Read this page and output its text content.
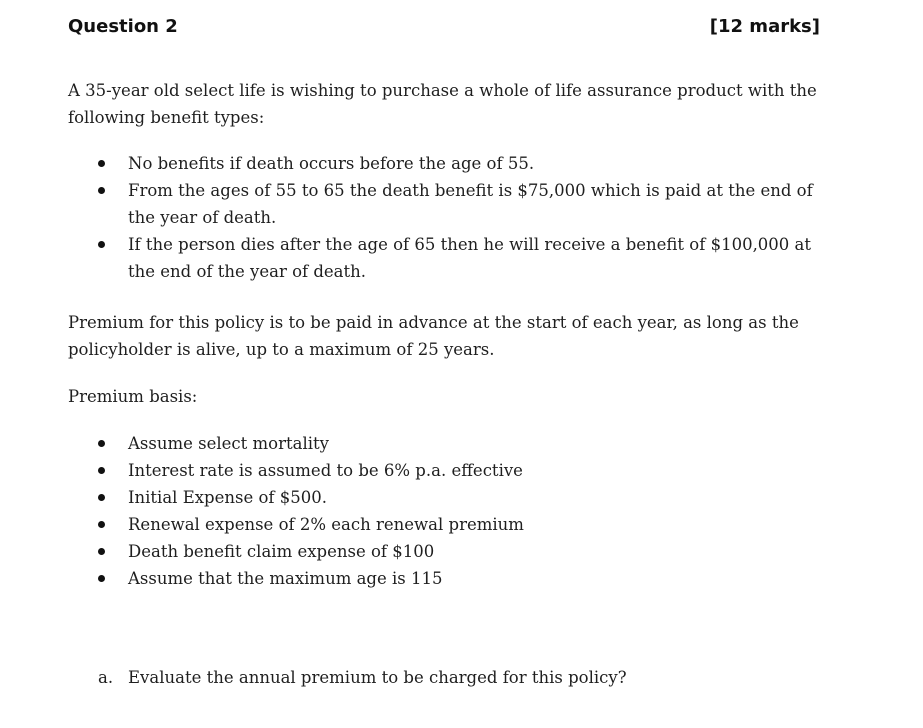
Question 2	[12 marks]

A 35-year old select life is wishing to purchase a whole of life assurance product with the following benefit types:

No benefits if death occurs before the age of 55.
From the ages of 55 to 65 the death benefit is $75,000 which is paid at the end of the year of death.
If the person dies after the age of 65 then he will receive a benefit of $100,000 at the end of the year of death.

Premium for this policy is to be paid in advance at the start of each year, as long as the policyholder is alive, up to a maximum of 25 years.

Premium basis:

Assume select mortality
Interest rate is assumed to be 6% p.a. effective
Initial Expense of $500.
Renewal expense of 2% each renewal premium
Death benefit claim expense of $100
Assume that the maximum age is 115
a. Evaluate the annual premium to be charged for this policy?
